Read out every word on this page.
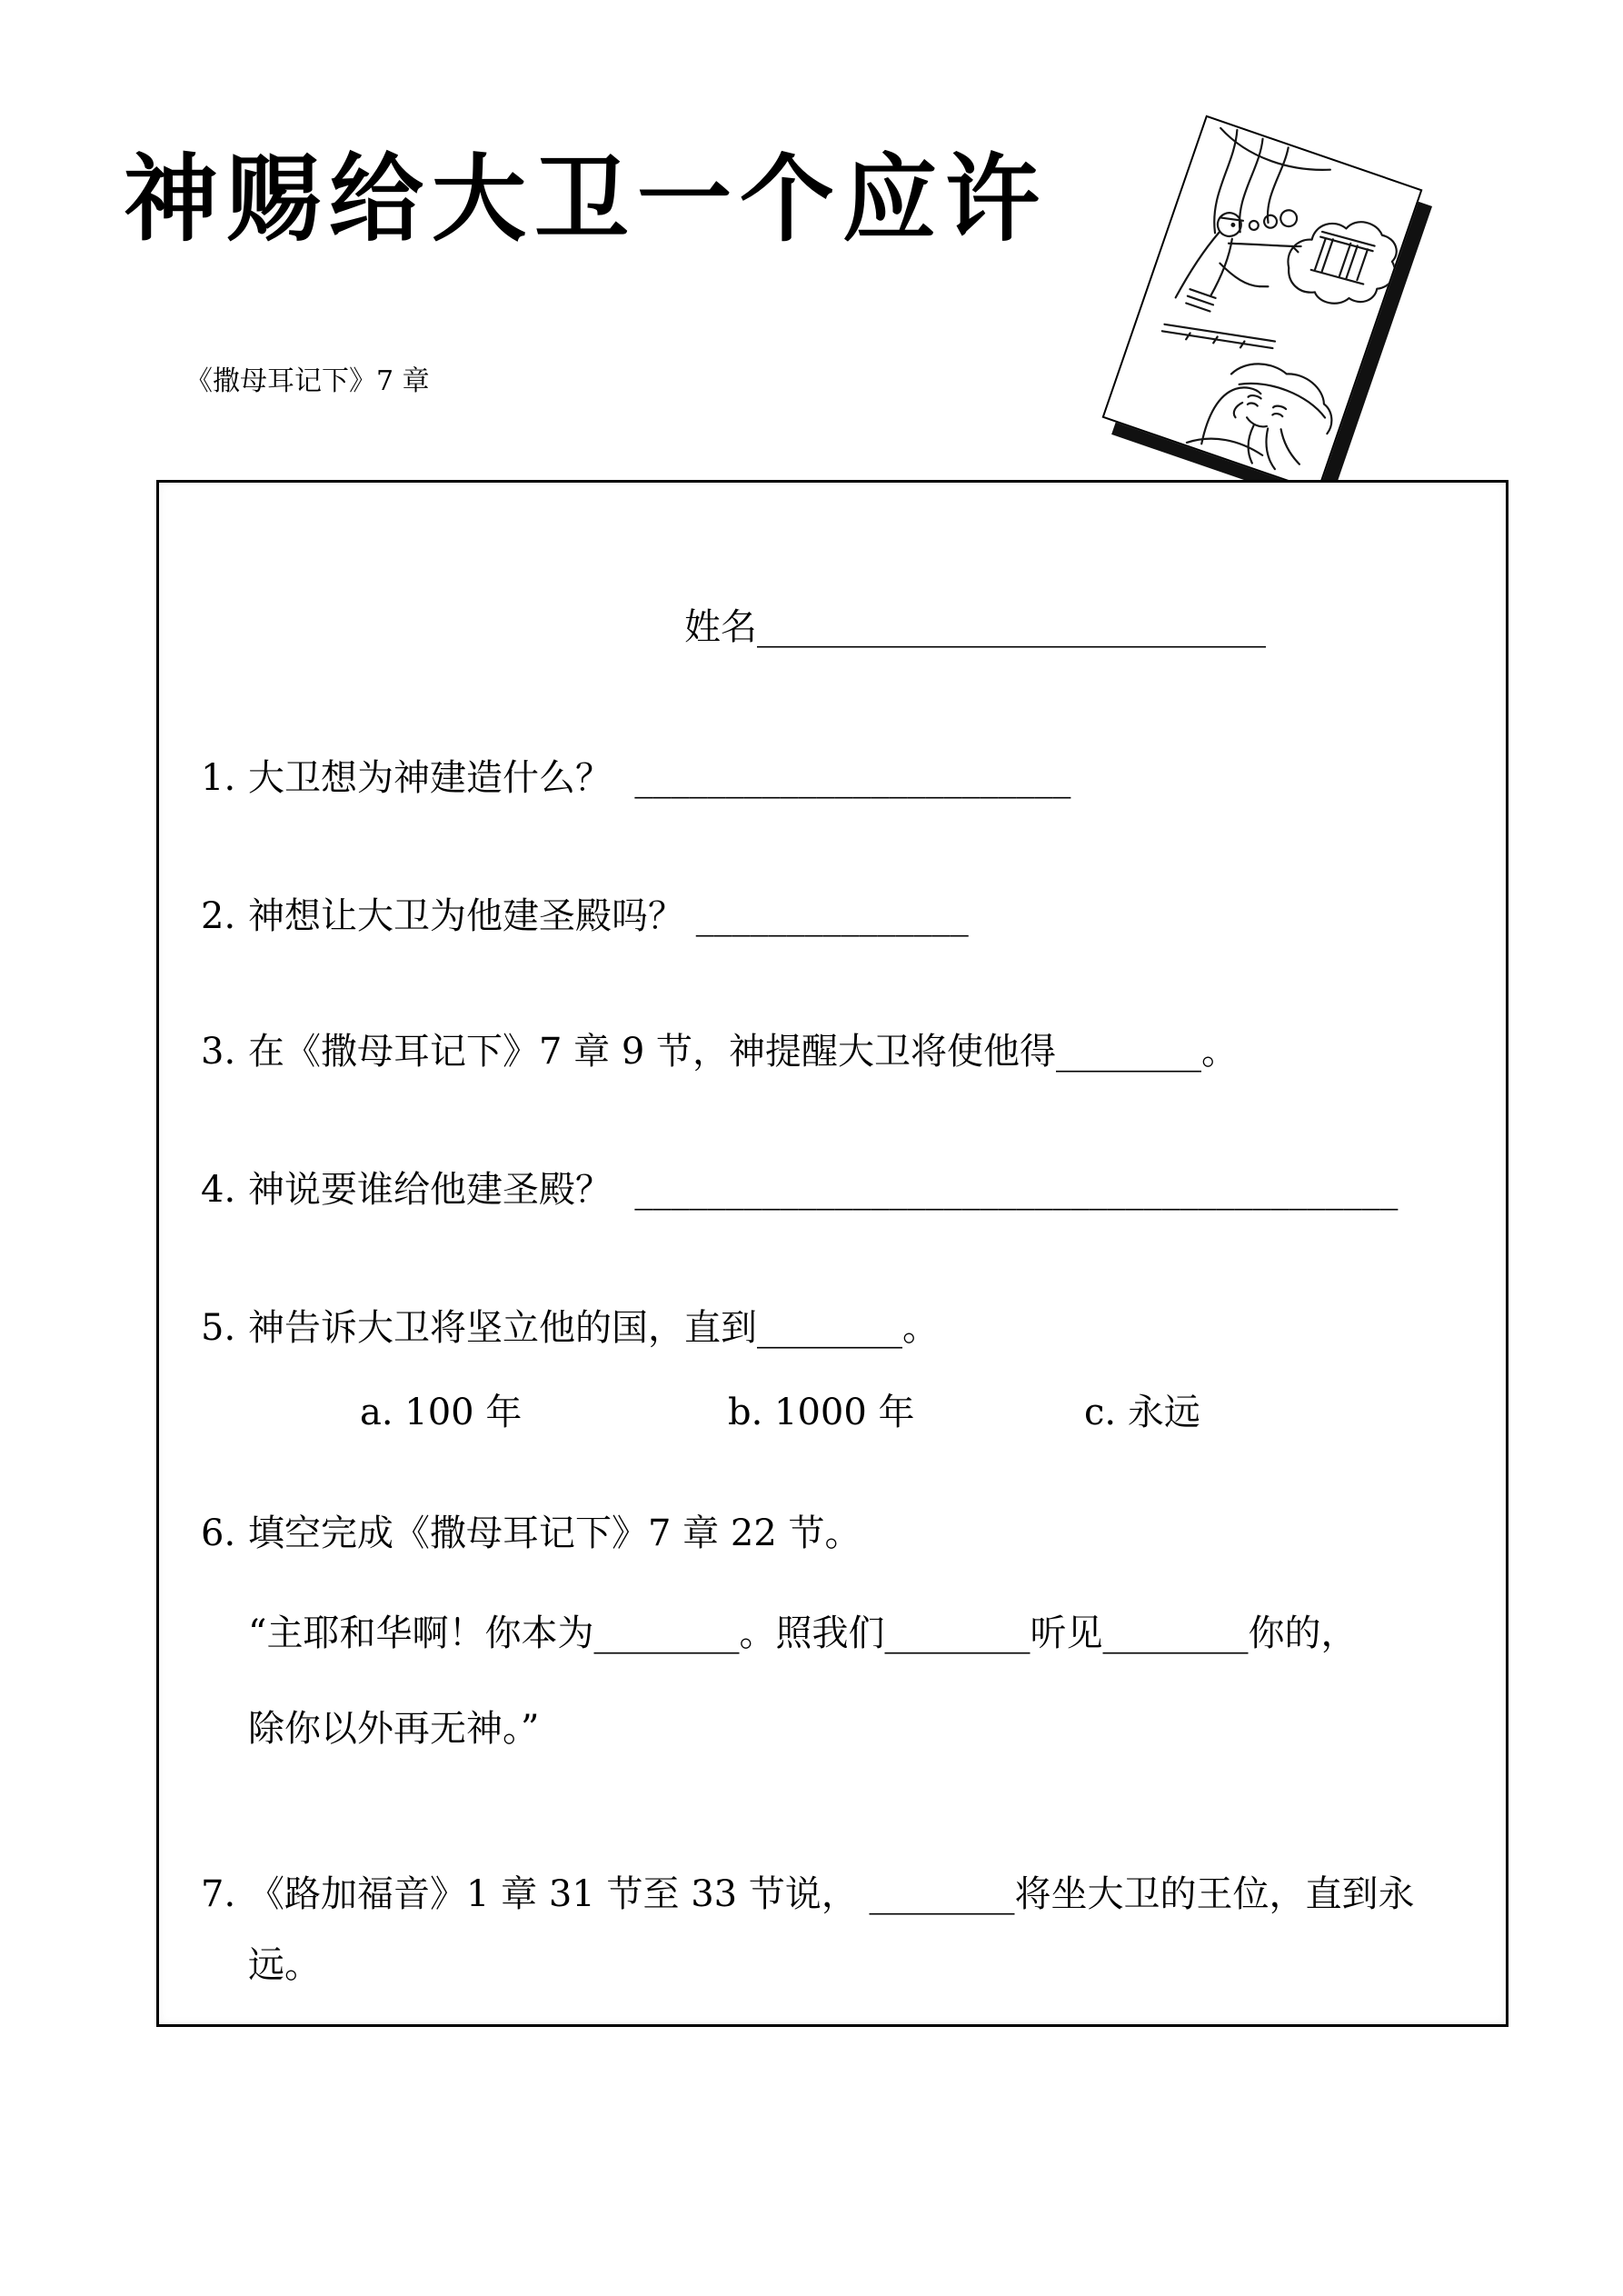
神赐给大卫一个应许
《撒母耳记下》7 章
姓名____________________________
1. 大卫想为神建造什么？  ________________________
2. 神想让大卫为他建圣殿吗？ _______________
3. 在《撒母耳记下》7 章 9 节，神提醒大卫将使他得________。
4. 神说要谁给他建圣殿？  __________________________________________
5. 神告诉大卫将坚立他的国，直到________。
a. 100 年	b. 1000 年	c. 永远
6. 填空完成《撒母耳记下》7 章 22 节。
“主耶和华啊！你本为________。照我们________听见________你的，
除你以外再无神。”
7. 《路加福音》1 章 31 节至 33 节说， ________将坐大卫的王位，直到永
远。
